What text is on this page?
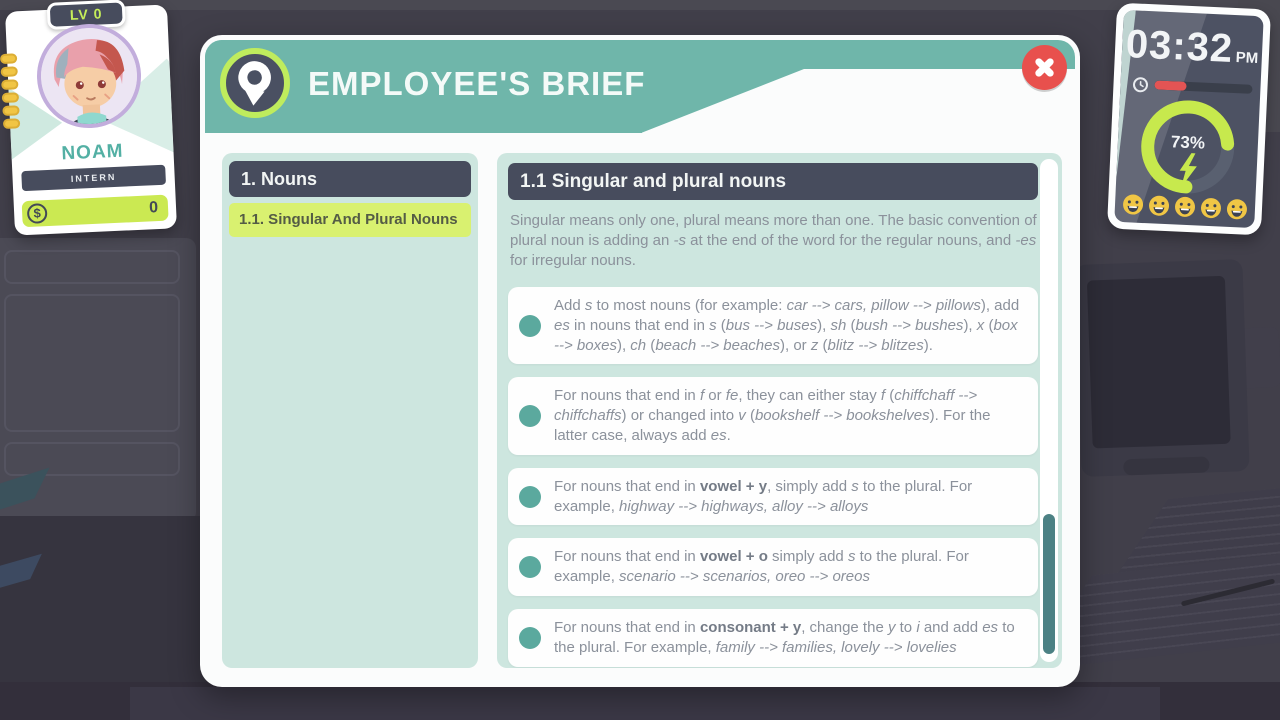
EMPLOYEE'S BRIEF
1. Nouns
1.1. Singular And Plural Nouns
1.1 Singular and plural nouns
Singular means only one, plural means more than one. The basic convention of plural noun is adding an -s at the end of the word for the regular nouns, and -es for irregular nouns.
Add s to most nouns (for example: car --> cars, pillow --> pillows), add es in nouns that end in s (bus --> buses), sh (bush --> bushes), x (box --> boxes), ch (beach --> beaches), or z (blitz --> blitzes).
For nouns that end in f or fe, they can either stay f (chiffchaff --> chiffchaffs) or changed into v (bookshelf --> bookshelves). For the latter case, always add es.
For nouns that end in vowel + y, simply add s to the plural. For example, highway --> highways, alloy --> alloys
For nouns that end in vowel + o simply add s to the plural. For example, scenario --> scenarios, oreo --> oreos
For nouns that end in consonant + y, change the y to i and add es to the plural. For example, family --> families, lovely --> lovelies
LV 0
NOAM
INTERN
$	0
03:32PM
73%
